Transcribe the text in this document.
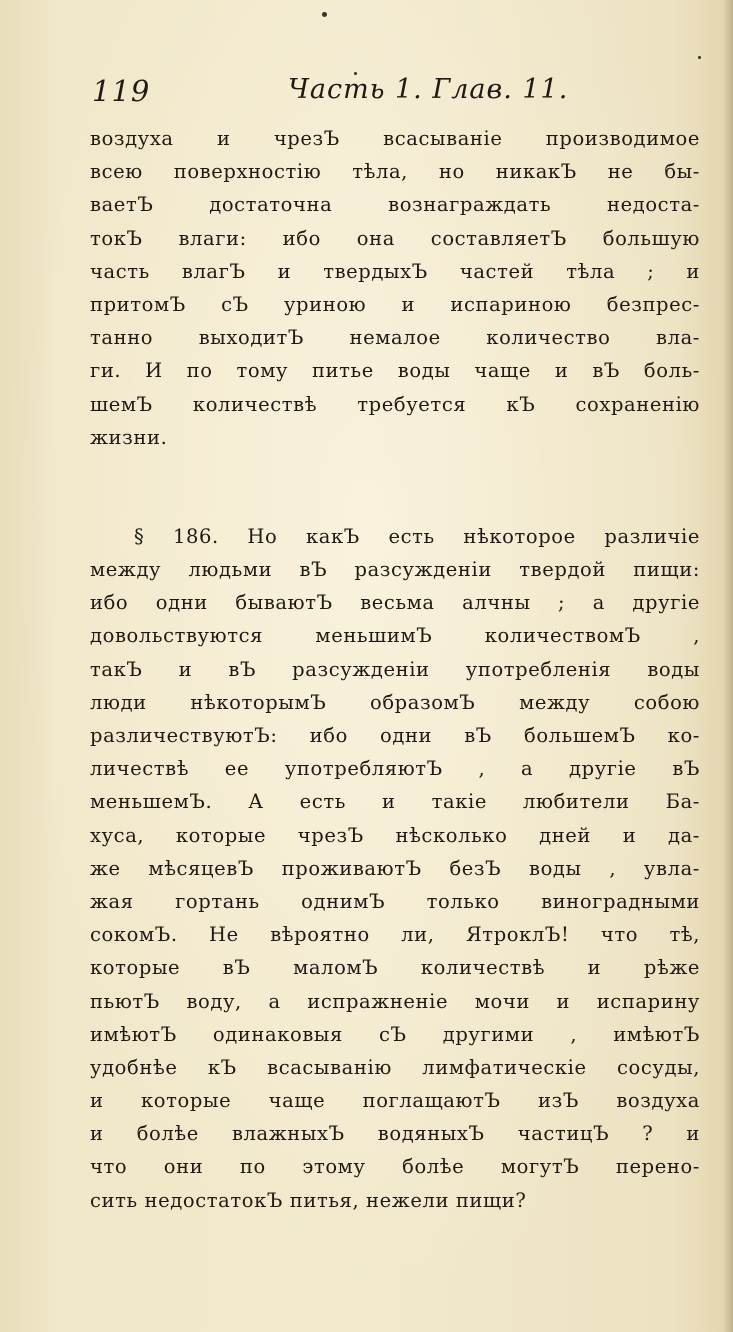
119	Часть 1. Глав. 11.
воздуха и чрезЪ всасываніе производимое
всею поверхностію тѣла, но никакЪ не бы-
ваетЪ достаточна вознаграждать недоста-
токЪ влаги: ибо она составляетЪ большую
часть влагЪ и твердыхЪ частей тѣла ; и
притомЪ сЪ уриною и испариною безпрес-
танно выходитЪ немалое количество вла-
ги. И по тому питье воды чаще и вЪ боль-
шемЪ количествѣ требуется кЪ сохраненію
жизни.
§ 186. Но какЪ есть нѣкоторое различіе
между людьми вЪ разсужденіи твердой пищи:
ибо одни бываютЪ весьма алчны ; а другіе
довольствуются меньшимЪ количествомЪ ,
такЪ и вЪ разсужденіи употребленія воды
люди нѣкоторымЪ образомЪ между собою
различествуютЪ: ибо одни вЪ большемЪ ко-
личествѣ ее употребляютЪ , а другіе вЪ
меньшемЪ. А есть и такіе любители Ба-
хуса, которые чрезЪ нѣсколько дней и да-
же мѣсяцевЪ проживаютЪ безЪ воды , увла-
жая гортань однимЪ только виноградными
сокомЪ. Не вѣроятно ли, ЯтроклЪ! что тѣ,
которые вЪ маломЪ количествѣ и рѣже
пьютЪ воду, а испражненіе мочи и испарину
имѣютЪ одинаковыя сЪ другими , имѣютЪ
удобнѣе кЪ всасыванію лимфатическіе сосуды,
и которые чаще поглащаютЪ изЪ воздуха
и болѣе влажныхЪ водяныхЪ частицЪ ? и
что они по этому болѣе могутЪ перено-
сить недостатокЪ питья, нежели пищи?
